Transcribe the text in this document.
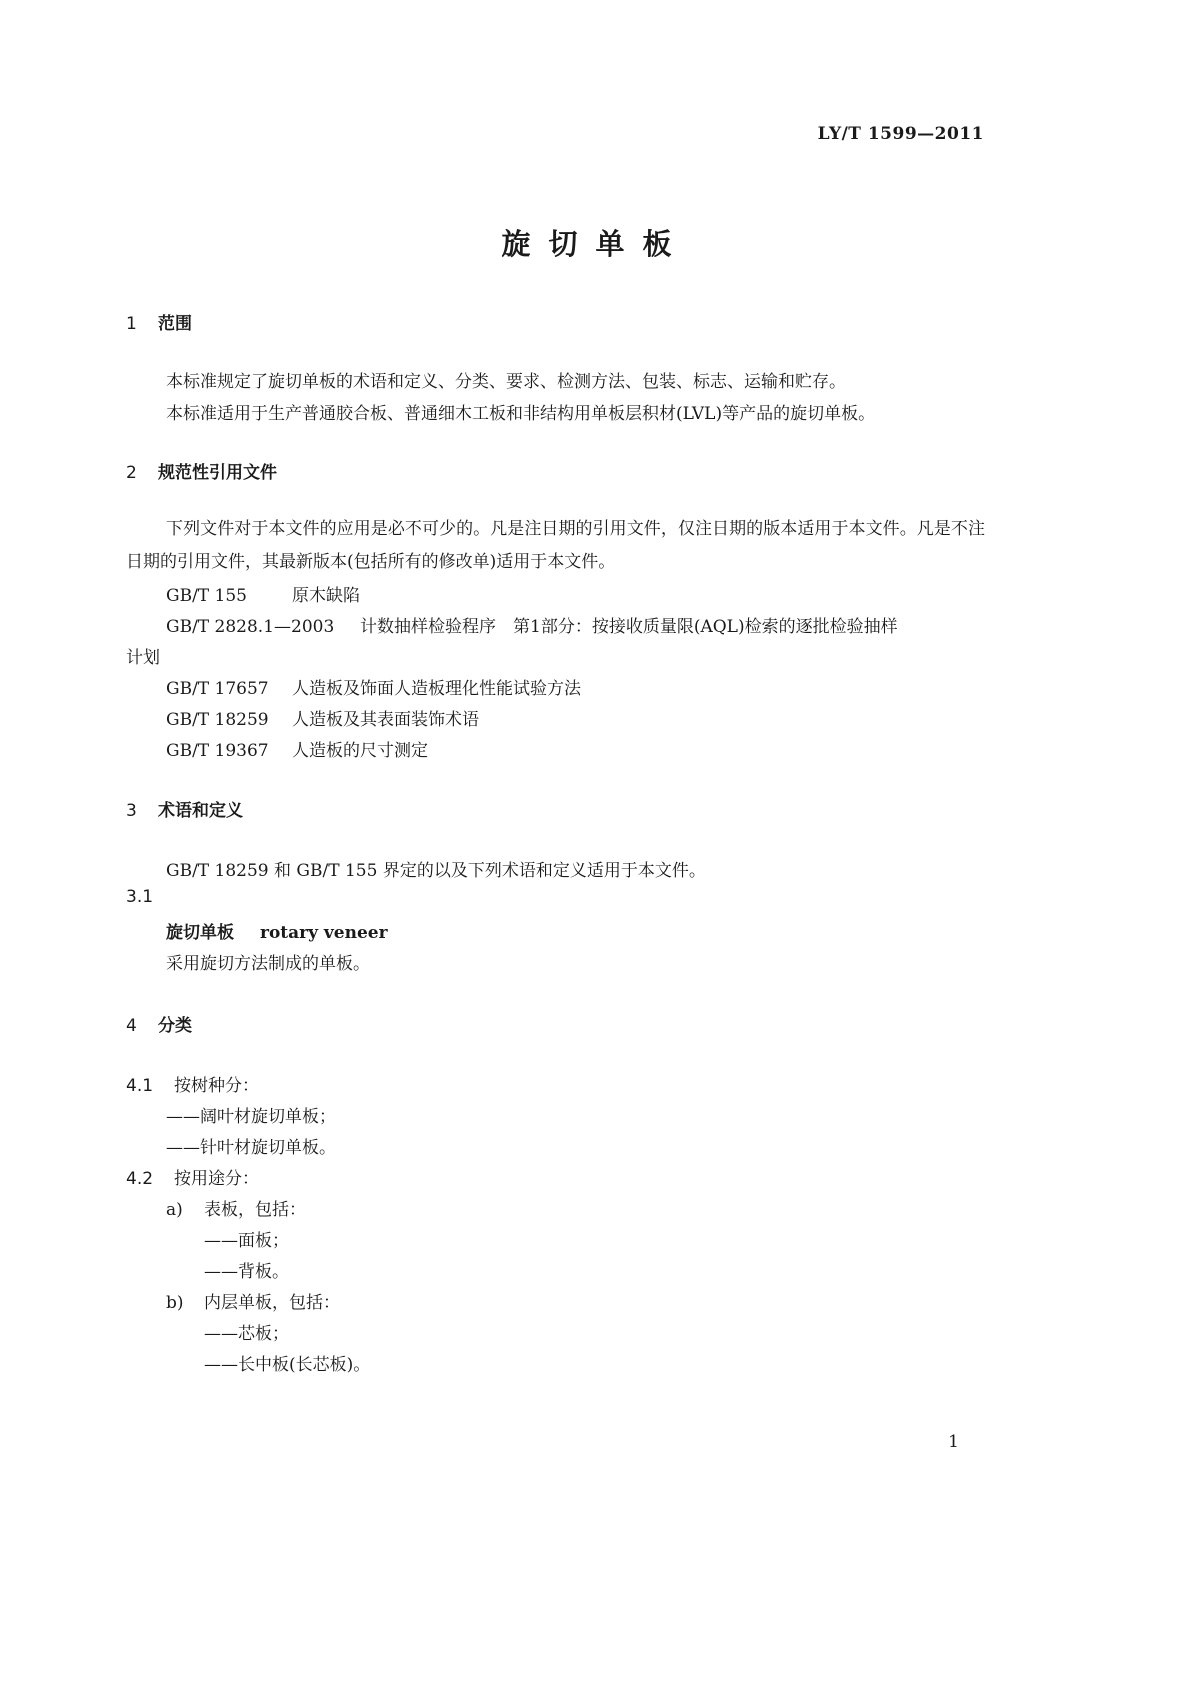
LY/T 1599—2011
旋切单板
1 范围
本标准规定了旋切单板的术语和定义、分类、要求、检测方法、包装、标志、运输和贮存。
本标准适用于生产普通胶合板、普通细木工板和非结构用单板层积材(LVL)等产品的旋切单板。
2 规范性引用文件
下列文件对于本文件的应用是必不可少的。凡是注日期的引用文件，仅注日期的版本适用于本文件。凡是不注日期的引用文件，其最新版本(包括所有的修改单)适用于本文件。
GB/T 155	原木缺陷
GB/T 2828.1—2003 计数抽样检验程序　第1部分：按接收质量限(AQL)检索的逐批检验抽样
计划
GB/T 17657 人造板及饰面人造板理化性能试验方法
GB/T 18259 人造板及其表面装饰术语
GB/T 19367 人造板的尺寸测定
3 术语和定义
GB/T 18259 和 GB/T 155 界定的以及下列术语和定义适用于本文件。
3.1
旋切单板 rotary veneer
采用旋切方法制成的单板。
4 分类
4.1 按树种分：
——阔叶材旋切单板；
——针叶材旋切单板。
4.2 按用途分：
a) 表板，包括：
——面板；
——背板。
b) 内层单板，包括：
——芯板；
——长中板(长芯板)。
1
